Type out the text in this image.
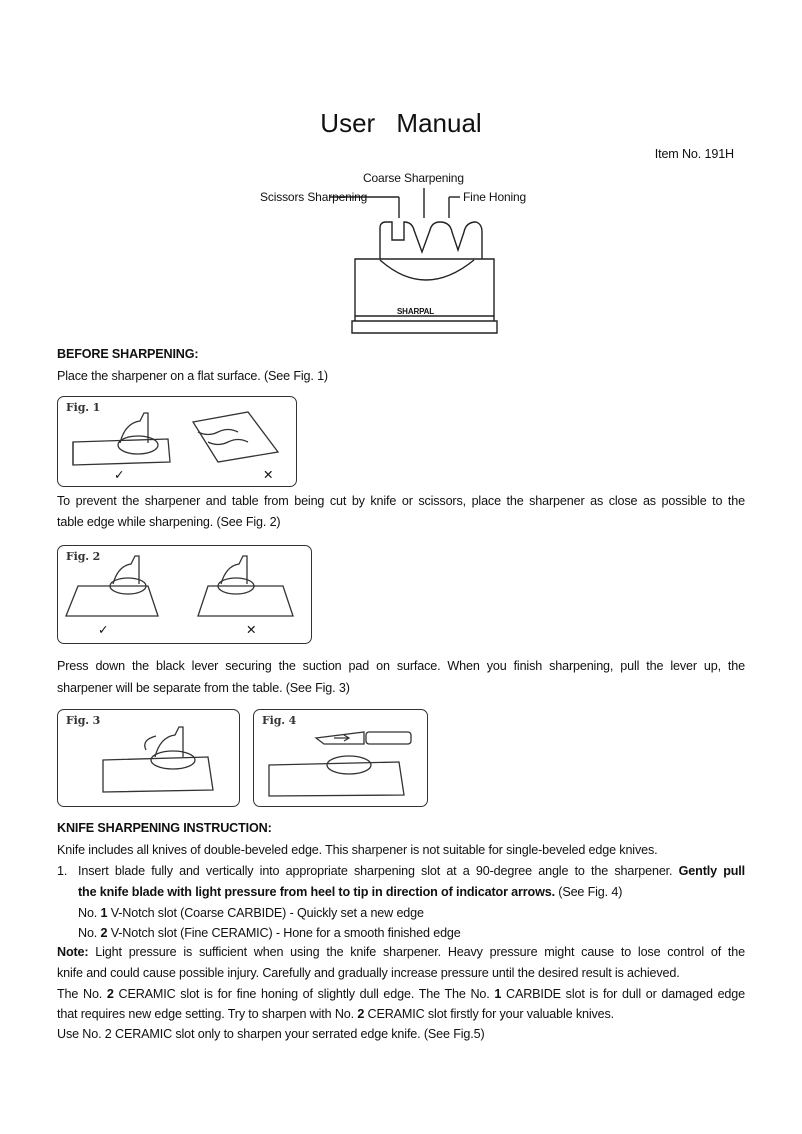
User Manual
Item No. 191H
Coarse Sharpening
Scissors Sharpening	Fine Honing
SHARPAL
BEFORE SHARPENING:
Place the sharpener on a flat surface. (See Fig. 1)
Fig. 1
✓	✕
To prevent the sharpener and table from being cut by knife or scissors, place the sharpener as close as possible to the
table edge while sharpening. (See Fig. 2)
Fig. 2
✓	✕
Press down the black lever securing the suction pad on surface. When you finish sharpening, pull the lever up, the
sharpener will be separate from the table. (See Fig. 3)
Fig. 3	Fig. 4
KNIFE SHARPENING INSTRUCTION:
Knife includes all knives of double-beveled edge. This sharpener is not suitable for single-beveled edge knives.
1. Insert blade fully and vertically into appropriate sharpening slot at a 90-degree angle to the sharpener. Gently pull
the knife blade with light pressure from heel to tip in direction of indicator arrows. (See Fig. 4)
No. 1 V-Notch slot (Coarse CARBIDE) - Quickly set a new edge
No. 2 V-Notch slot (Fine CERAMIC) - Hone for a smooth finished edge
Note: Light pressure is sufficient when using the knife sharpener. Heavy pressure might cause to lose control of the
knife and could cause possible injury. Carefully and gradually increase pressure until the desired result is achieved.
The No. 2 CERAMIC slot is for fine honing of slightly dull edge. The The No. 1 CARBIDE slot is for dull or damaged edge
that requires new edge setting. Try to sharpen with No. 2 CERAMIC slot firstly for your valuable knives.
Use No. 2 CERAMIC slot only to sharpen your serrated edge knife. (See Fig.5)
